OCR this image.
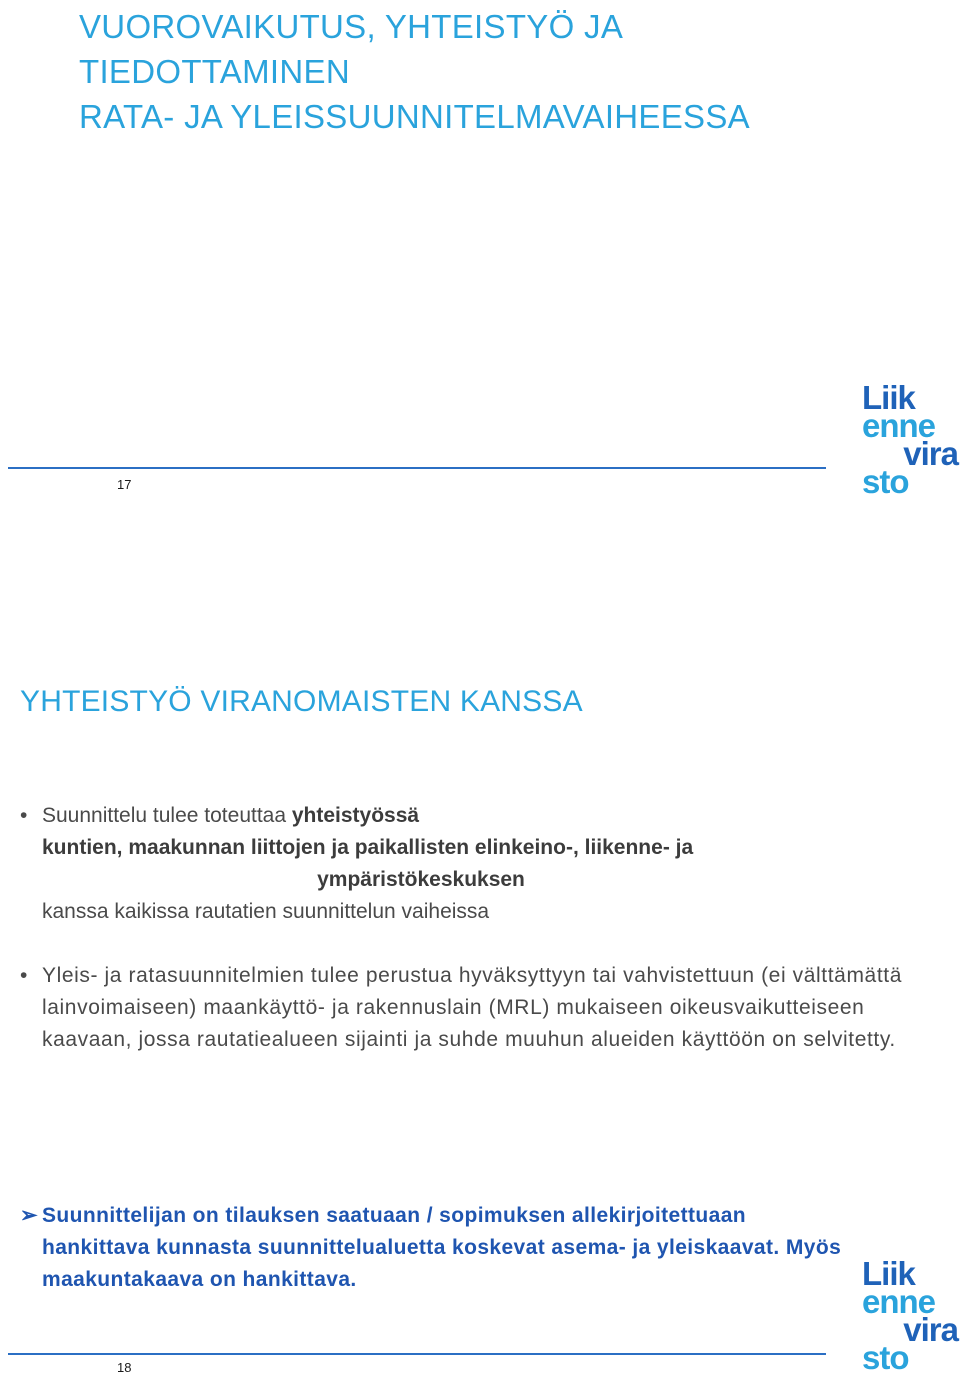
VUOROVAIKUTUS, YHTEISTYÖ JA
TIEDOTTAMINEN
RATA- JA YLEISSUUNNITELMAVAIHEESSA
Liik
enne
vira
sto
17
YHTEISTYÖ VIRANOMAISTEN KANSSA
• Suunnittelu tulee toteuttaa yhteistyössä
kuntien, maakunnan liittojen ja paikallisten elinkeino-, liikenne- ja
ympäristökeskuksen
kanssa kaikissa rautatien suunnittelun vaiheissa
• Yleis- ja ratasuunnitelmien tulee perustua hyväksyttyyn tai vahvistettuun (ei välttämättä lainvoimaiseen) maankäyttö- ja rakennuslain (MRL) mukaiseen oikeusvaikutteiseen kaavaan, jossa rautatiealueen sijainti ja suhde muuhun alueiden käyttöön on selvitetty.
➢ Suunnittelijan on tilauksen saatuaan / sopimuksen allekirjoitettuaan hankittava kunnasta suunnittelualuetta koskevat asema- ja yleiskaavat. Myös maakuntakaava on hankittava.	Liik
enne
vira
sto
18
